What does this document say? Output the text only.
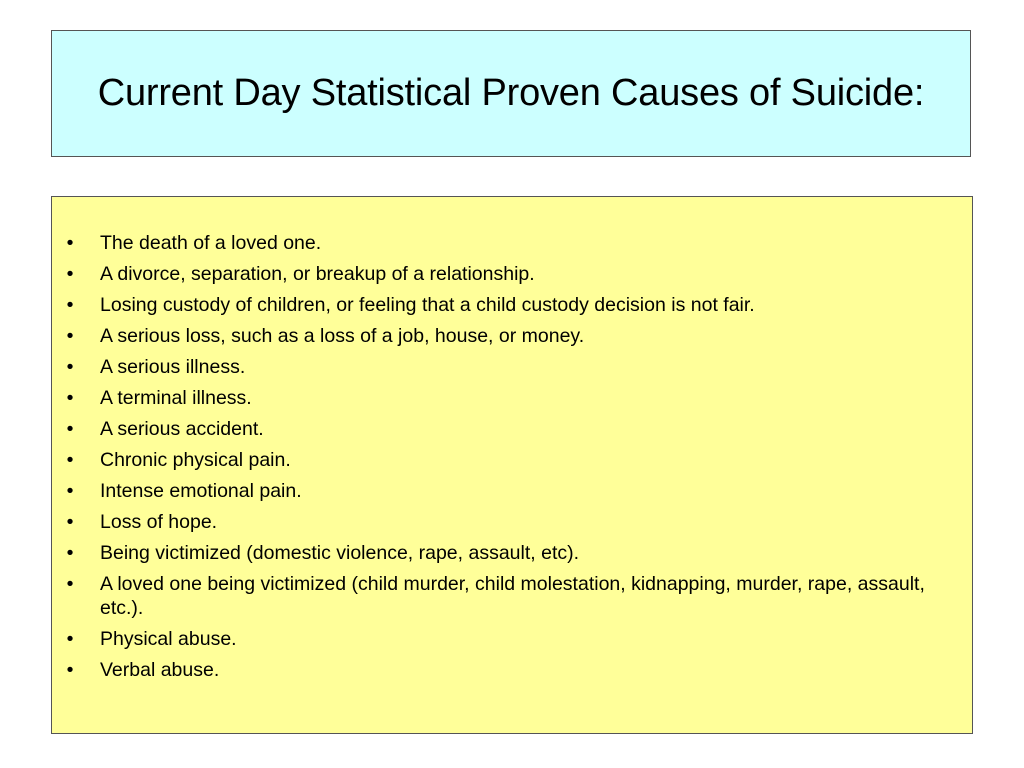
Current Day Statistical Proven Causes of Suicide:
•	The death of a loved one.
•	A divorce, separation, or breakup of a relationship.
•	Losing custody of children, or feeling that a child custody decision is not fair.
•	A serious loss, such as a loss of a job, house, or money.
•	A serious illness.
•	A terminal illness.
•	A serious accident.
•	Chronic physical pain.
•	Intense emotional pain.
•	Loss of hope.
•	Being victimized (domestic violence, rape, assault, etc).
•	A loved one being victimized (child murder, child molestation, kidnapping, murder, rape, assault, etc.).
•	Physical abuse.
•	Verbal abuse.
